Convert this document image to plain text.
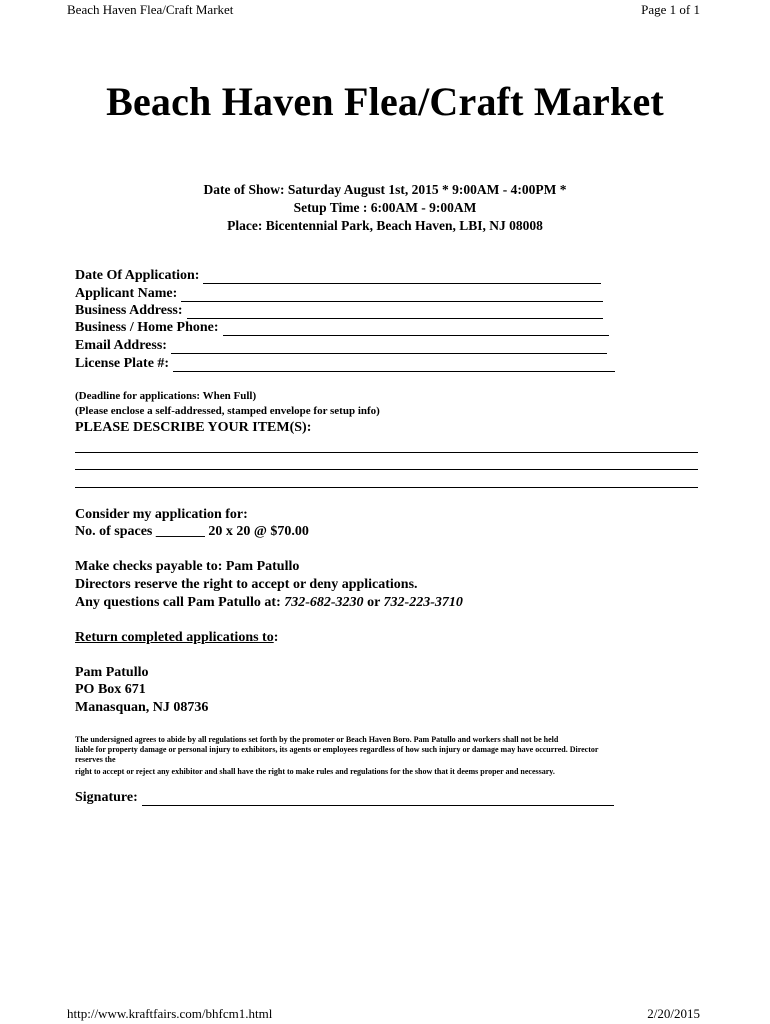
Beach Haven Flea/Craft Market	Page 1 of 1
Beach Haven Flea/Craft Market
Date of Show: Saturday August 1st, 2015 * 9:00AM - 4:00PM *
Setup Time : 6:00AM - 9:00AM
Place: Bicentennial Park, Beach Haven, LBI, NJ 08008
Date Of Application:
Applicant Name:
Business Address:
Business / Home Phone:
Email Address:
License Plate #:
(Deadline for applications: When Full)
(Please enclose a self-addressed, stamped envelope for setup info)
PLEASE DESCRIBE YOUR ITEM(S):
Consider my application for:
No. of spaces _______ 20 x 20 @ $70.00
Make checks payable to: Pam Patullo
Directors reserve the right to accept or deny applications.
Any questions call Pam Patullo at: 732-682-3230 or 732-223-3710
Return completed applications to:
Pam Patullo
PO Box 671
Manasquan, NJ 08736
The undersigned agrees to abide by all regulations set forth by the promoter or Beach Haven Boro. Pam Patullo and workers shall not be held
liable for property damage or personal injury to exhibitors, its agents or employees regardless of how such injury or damage may have occurred. Director
reserves the
right to accept or reject any exhibitor and shall have the right to make rules and regulations for the show that it deems proper and necessary.
Signature:
http://www.kraftfairs.com/bhfcm1.html	2/20/2015
